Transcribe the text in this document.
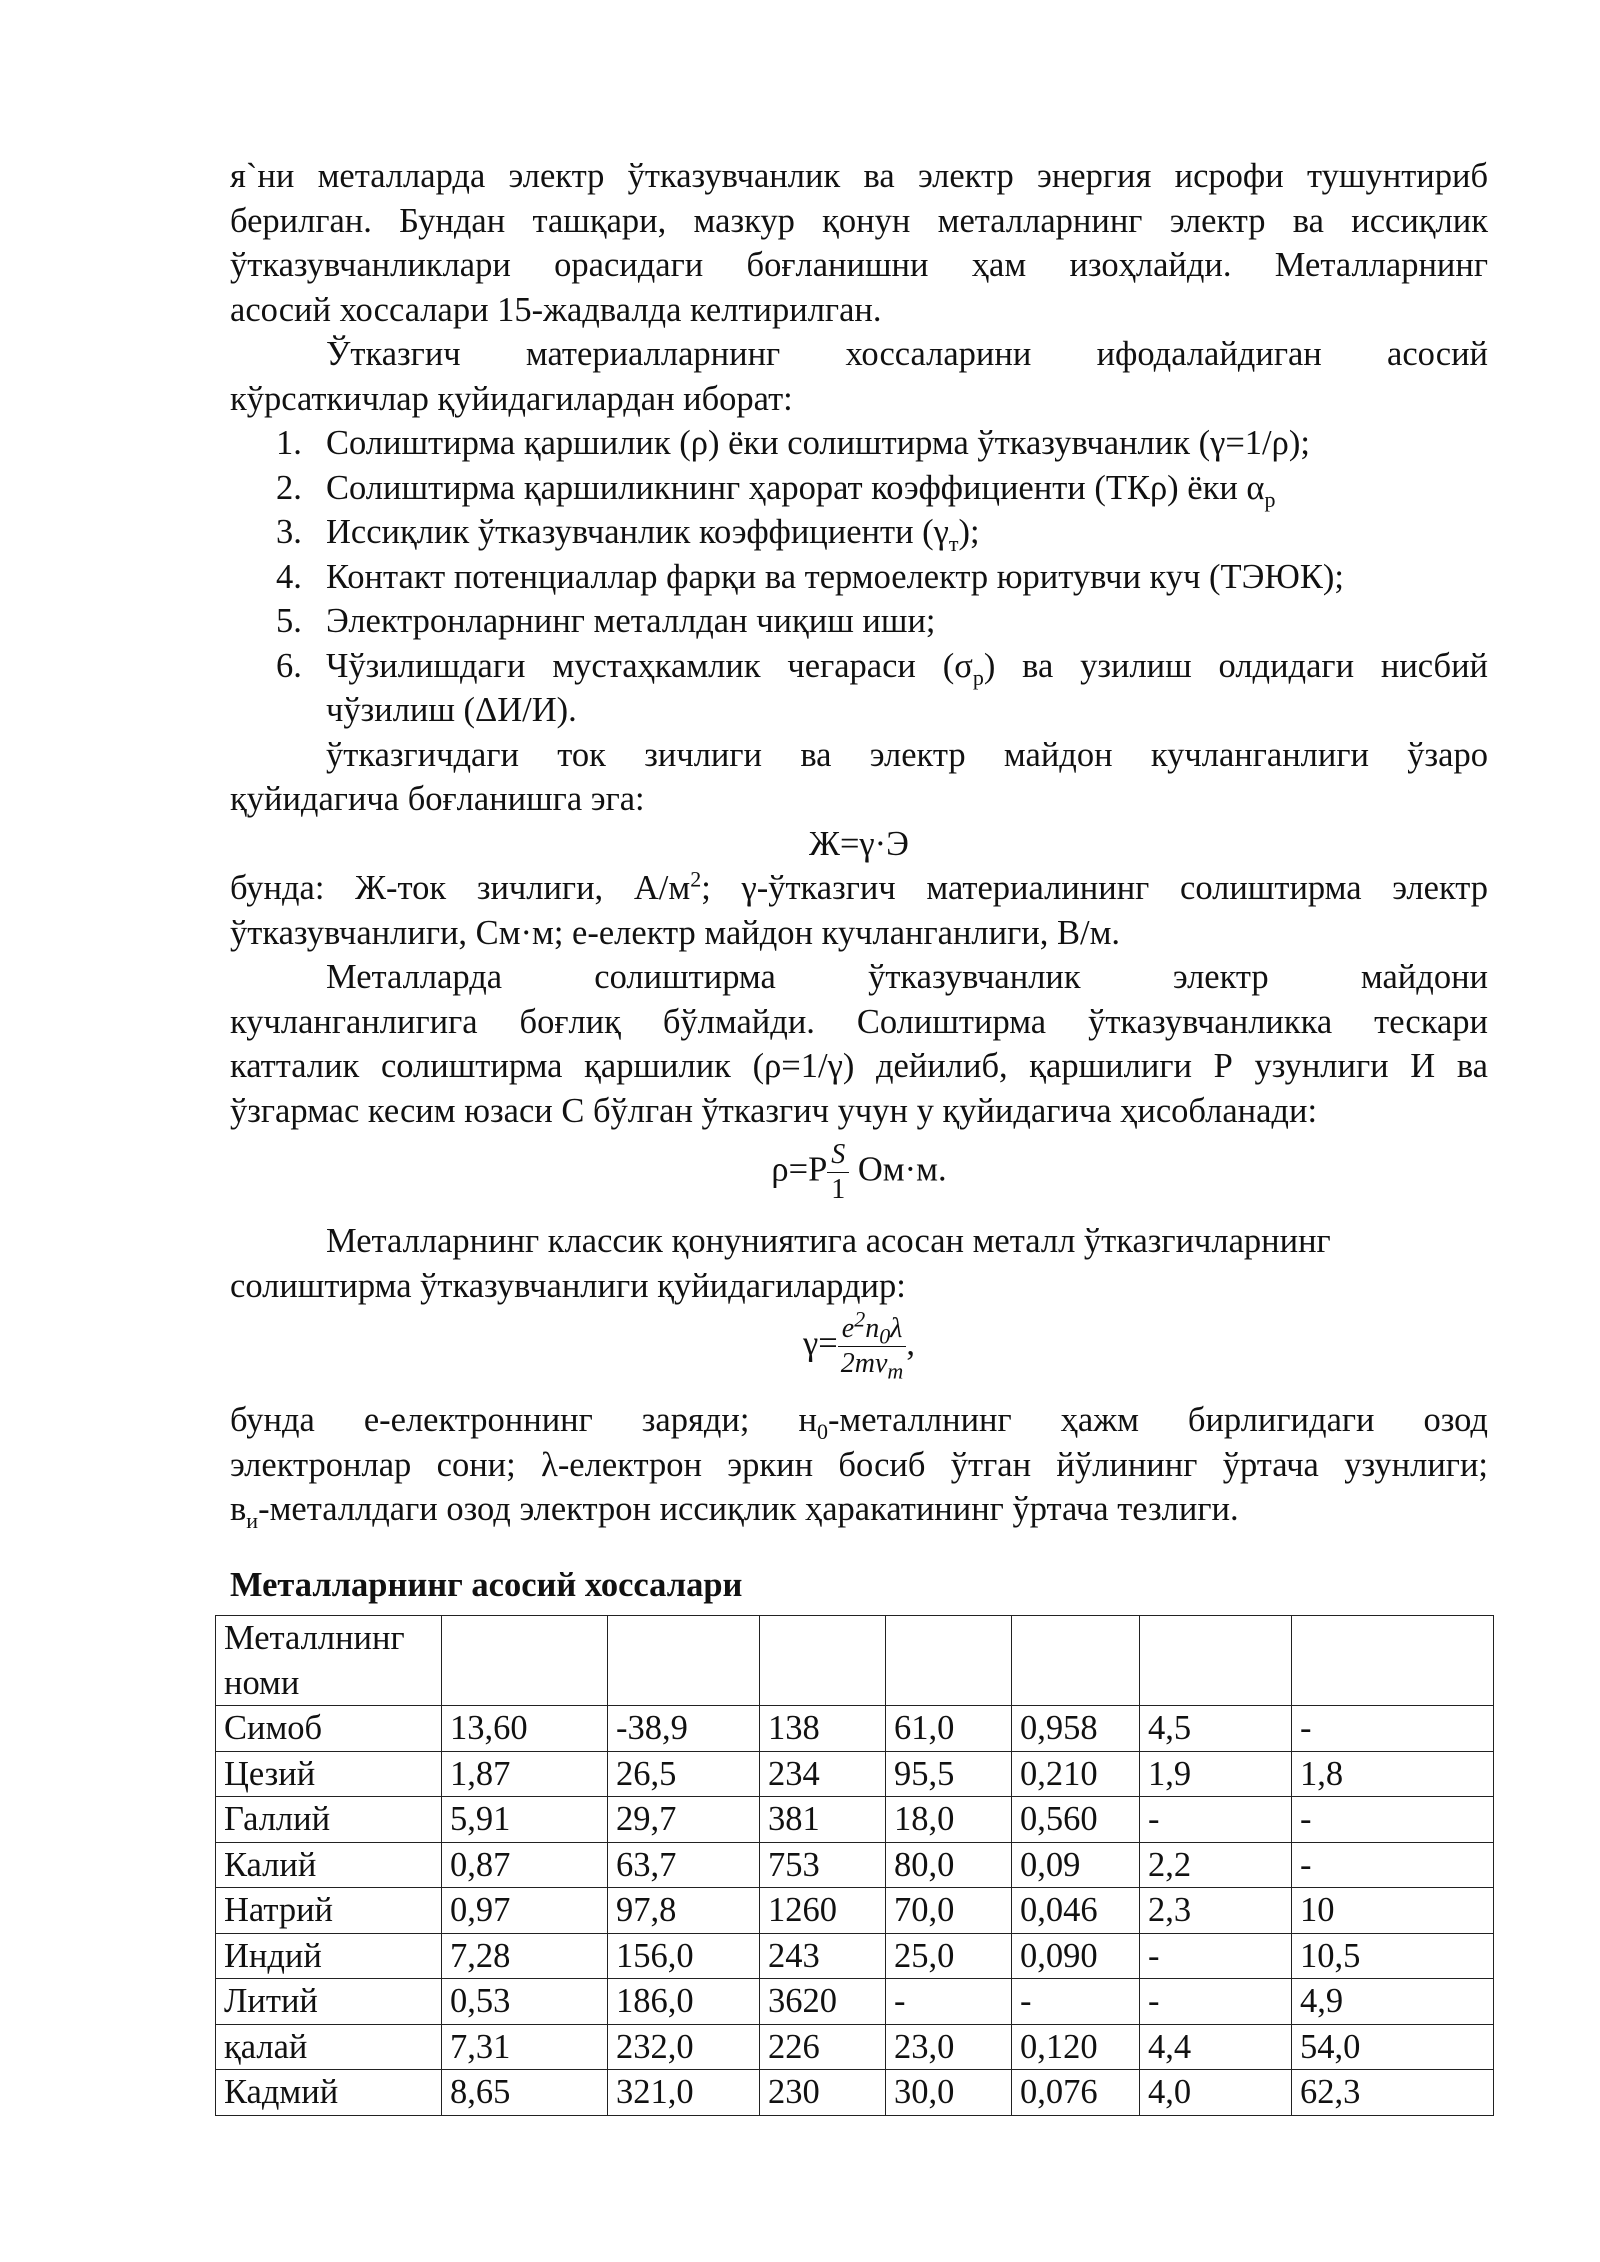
я`ни металларда электр ўтказувчанлик ва электр энергия исрофи тушунтириб
берилган. Бундан ташқари, мазкур қонун металларнинг электр ва иссиқлик
ўтказувчанликлари орасидаги боғланишни ҳам изоҳлайди. Металларнинг
асосий хоссалари 15-жадвалда келтирилган.
Ўтказгич материалларнинг хоссаларини ифодалайдиган асосий
кўрсаткичлар қуйидагилардан иборат:
1. Солиштирма қаршилик (ρ) ёки солиштирма ўтказувчанлик (γ=1/ρ);
2. Солиштирма қаршиликнинг ҳарорат коэффициенти (ТКρ) ёки $\alpha_р$
3. Иссиқлик ўтказувчанлик коэффициенти $(\gamma_т)$;
4. Контакт потенциаллар фарқи ва термоелектр юритувчи куч (ТЭЮК);
5. Электронларнинг металлдан чиқиш иши;
6. Чўзилишдаги мустаҳкамлик чегараси $(\sigma_р)$ ва узилиш олдидаги нисбий
чўзилиш (ΔИ/И).
ўтказгичдаги ток зичлиги ва электр майдон кучланганлиги ўзаро
қуйидагича боғланишга эга:
Ж=γ·Э
бунда: Ж-ток зичлиги, $А/м^2$; γ-ўтказгич материалининг солиштирма электр
ўтказувчанлиги, См·м; е-електр майдон кучланганлиги, В/м.
Металларда солиштирма ўтказувчанлик электр майдони
кучланганлигига боғлиқ бўлмайди. Солиштирма ўтказувчанликка тескари
катталик солиштирма қаршилик (ρ=1/γ) дейилиб, қаршилиги Р узунлиги И ва
ўзгармас кесим юзаси С бўлган ўтказгич учун у қуйидагича ҳисобланади:
$\rho=Р \frac{S}{1} Ом\cdot м$.
Металларнинг классик қонуниятига асосан металл ўтказгичларнинг
солиштирма ўтказувчанлиги қуйидагилардир:
$\gamma= \frac{e^2n_0\lambda}{2mv_m}$ ,
бунда е-електроннинг заряди; $н_0$-металлнинг ҳажм бирлигидаги озод
электронлар сони; λ-електрон эркин босиб ўтган йўлининг ўртача узунлиги;
$в_и$-металлдаги озод электрон иссиқлик ҳаракатининг ўртача тезлиги.
Металларнинг асосий хоссалари
Металлнинг номи							
Симоб	13,60	-38,9	138	61,0	0,958	4,5	-
Цезий	1,87	26,5	234	95,5	0,210	1,9	1,8
Галлий	5,91	29,7	381	18,0	0,560	-	-
Калий	0,87	63,7	753	80,0	0,09	2,2	-
Натрий	0,97	97,8	1260	70,0	0,046	2,3	10
Индий	7,28	156,0	243	25,0	0,090	-	10,5
Литий	0,53	186,0	3620	-	-	-	4,9
қалай	7,31	232,0	226	23,0	0,120	4,4	54,0
Кадмий	8,65	321,0	230	30,0	0,076	4,0	62,3
